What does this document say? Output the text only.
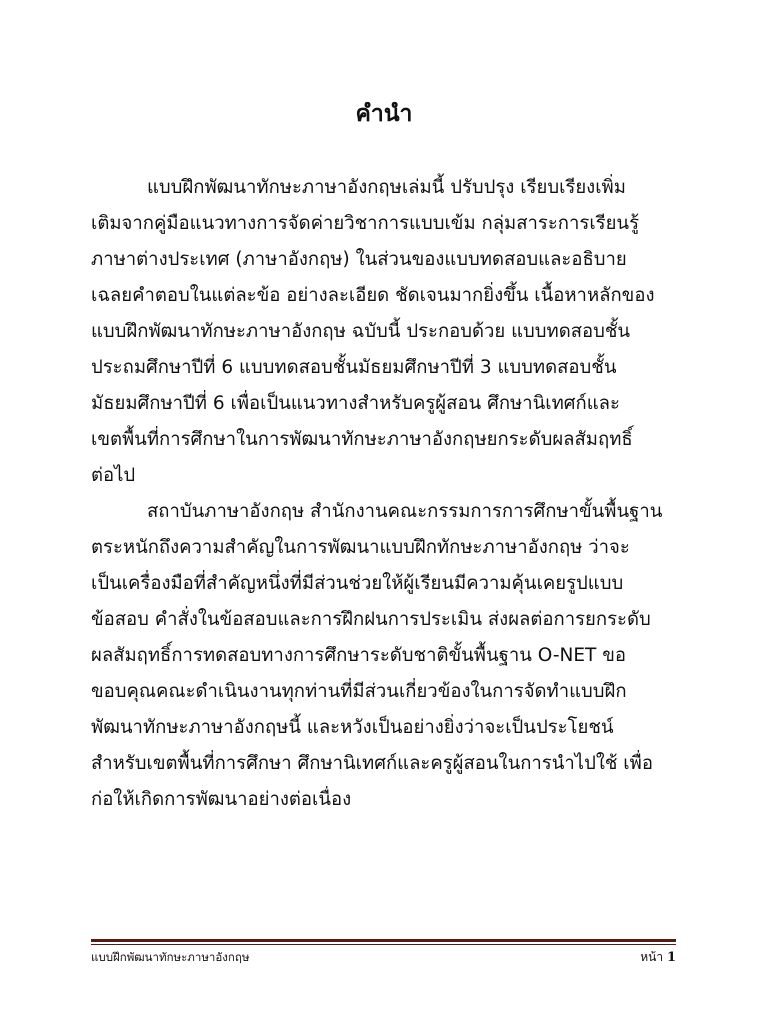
คำนำ
แบบฝึกพัฒนาทักษะภาษาอังกฤษเล่มนี้ ปรับปรุง เรียบเรียงเพิ่ม
เติมจากคู่มือแนวทางการจัดค่ายวิชาการแบบเข้ม กลุ่มสาระการเรียนรู้
ภาษาต่างประเทศ (ภาษาอังกฤษ) ในส่วนของแบบทดสอบและอธิบาย
เฉลยคำตอบในแต่ละข้อ อย่างละเอียด ชัดเจนมากยิ่งขึ้น เนื้อหาหลักของ
แบบฝึกพัฒนาทักษะภาษาอังกฤษ ฉบับนี้ ประกอบด้วย แบบทดสอบชั้น
ประถมศึกษาปีที่ 6 แบบทดสอบชั้นมัธยมศึกษาปีที่ 3 แบบทดสอบชั้น
มัธยมศึกษาปีที่ 6 เพื่อเป็นแนวทางสำหรับครูผู้สอน ศึกษานิเทศก์และ
เขตพื้นที่การศึกษาในการพัฒนาทักษะภาษาอังกฤษยกระดับผลสัมฤทธิ์
ต่อไป
สถาบันภาษาอังกฤษ สำนักงานคณะกรรมการการศึกษาขั้นพื้นฐาน
ตระหนักถึงความสำคัญในการพัฒนาแบบฝึกทักษะภาษาอังกฤษ ว่าจะ
เป็นเครื่องมือที่สำคัญหนึ่งที่มีส่วนช่วยให้ผู้เรียนมีความคุ้นเคยรูปแบบ
ข้อสอบ คำสั่งในข้อสอบและการฝึกฝนการประเมิน ส่งผลต่อการยกระดับ
ผลสัมฤทธิ์การทดสอบทางการศึกษาระดับชาติขั้นพื้นฐาน O-NET ขอ
ขอบคุณคณะดำเนินงานทุกท่านที่มีส่วนเกี่ยวข้องในการจัดทำแบบฝึก
พัฒนาทักษะภาษาอังกฤษนี้ และหวังเป็นอย่างยิ่งว่าจะเป็นประโยชน์
สำหรับเขตพื้นที่การศึกษา ศึกษานิเทศก์และครูผู้สอนในการนำไปใช้ เพื่อ
ก่อให้เกิดการพัฒนาอย่างต่อเนื่อง
แบบฝึกพัฒนาทักษะภาษาอังกฤษ	หน้า 1
